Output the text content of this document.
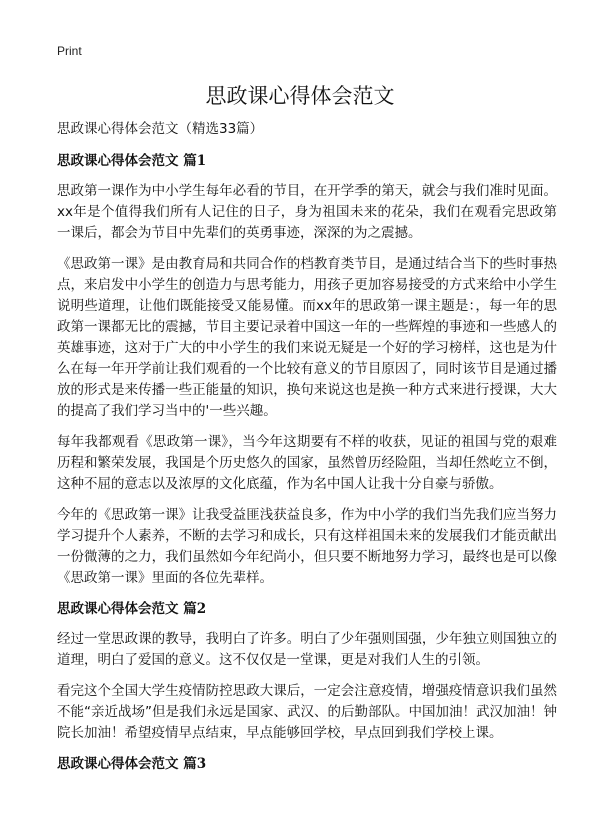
Print
思政课心得体会范文

思政课心得体会范文（精选33篇）

思政课心得体会范文 篇1

思政第一课作为中小学生每年必看的节目，在开学季的第天，就会与我们准时见面。xx年是个值得我们所有人记住的日子，身为祖国未来的花朵，我们在观看完思政第一课后，都会为节目中先辈们的英勇事迹，深深的为之震撼。

《思政第一课》是由教育局和共同合作的档教育类节目，是通过结合当下的些时事热点，来启发中小学生的创造力与思考能力，用孩子更加容易接受的方式来给中小学生说明些道理，让他们既能接受又能易懂。而xx年的思政第一课主题是：，每一年的思政第一课都无比的震撼，节目主要记录着中国这一年的一些辉煌的事迹和一些感人的英雄事迹，这对于广大的中小学生的我们来说无疑是一个好的学习榜样，这也是为什么在每一年开学前让我们观看的一个比较有意义的节目原因了，同时该节目是通过播放的形式是来传播一些正能量的知识，换句来说这也是换一种方式来进行授课，大大的提高了我们学习当中的'一些兴趣。

每年我都观看《思政第一课》，当今年这期要有不样的收获，见证的祖国与党的艰难历程和繁荣发展，我国是个历史悠久的国家，虽然曾历经险阻，当却任然屹立不倒，这种不屈的意志以及浓厚的文化底蕴，作为名中国人让我十分自豪与骄傲。

今年的《思政第一课》让我受益匪浅获益良多，作为中小学的我们当先我们应当努力学习提升个人素养，不断的去学习和成长，只有这样祖国未来的发展我们才能贡献出一份微薄的之力，我们虽然如今年纪尚小，但只要不断地努力学习，最终也是可以像《思政第一课》里面的各位先辈样。

思政课心得体会范文 篇2

经过一堂思政课的教导，我明白了许多。明白了少年强则国强，少年独立则国独立的道理，明白了爱国的意义。这不仅仅是一堂课，更是对我们人生的引领。

看完这个全国大学生疫情防控思政大课后，一定会注意疫情，增强疫情意识我们虽然不能“亲近战场”但是我们永远是国家、武汉、的后勤部队。中国加油！武汉加油！钟院长加油！希望疫情早点结束，早点能够回学校，早点回到我们学校上课。

思政课心得体会范文 篇3
